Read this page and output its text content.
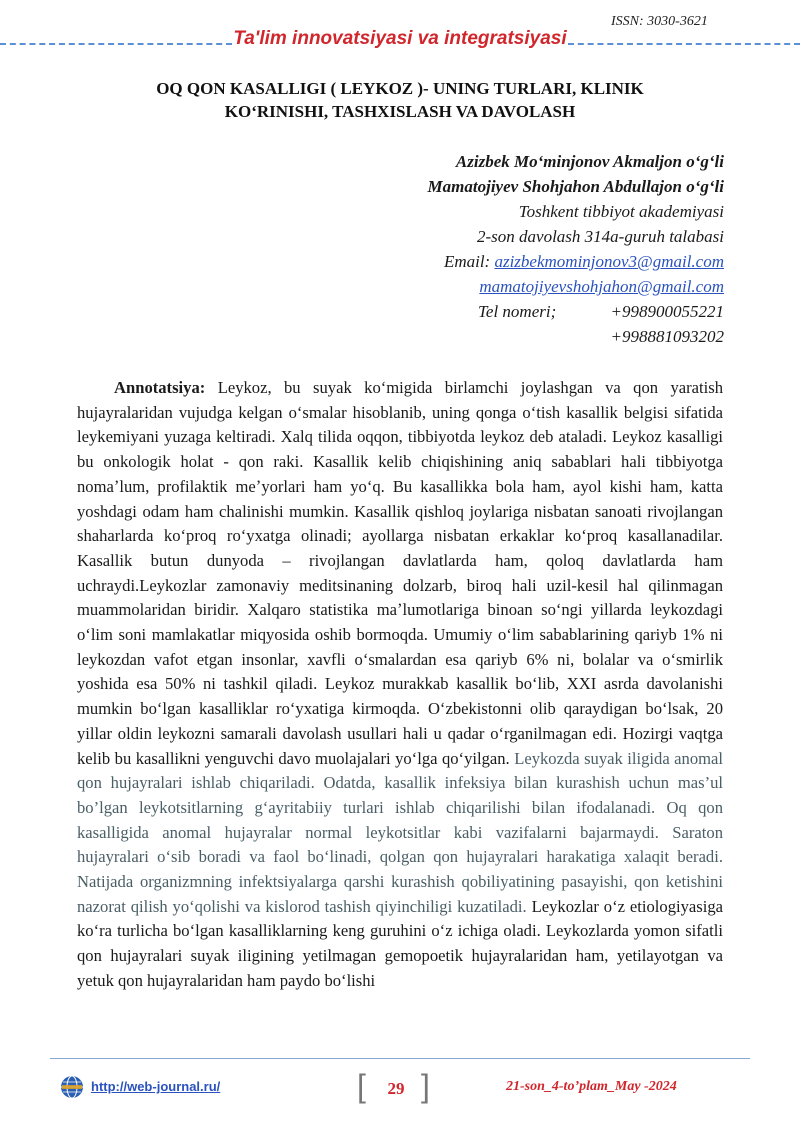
ISSN: 3030-3621
Ta'lim innovatsiyasi va integratsiyasi
OQ QON KASALLIGI ( LEYKOZ )- UNING TURLARI, KLINIK
KOʻRINISHI, TASHXISLASH VA DAVOLASH
Azizbek Moʻminjonov Akmaljon oʻgʻli
Mamatojiyev Shohjahon Abdullajon oʻgʻli
Toshkent tibbiyot akademiyasi
2-son davolash 314a-guruh talabasi
Email: azizbekmominjonov3@gmail.com
mamatojiyevshohjahon@gmail.com
Tel nomeri;	+998900055221
+998881093202

Annotatsiya: Leykoz, bu suyak koʻmigida birlamchi joylashgan va qon yaratish hujayralaridan vujudga kelgan oʻsmalar hisoblanib, uning qonga oʻtish kasallik belgisi sifatida leykemiyani yuzaga keltiradi. Xalq tilida oqqon, tibbiyotda leykoz deb ataladi. Leykoz kasalligi bu onkologik holat - qon raki. Kasallik kelib chiqishining aniq sabablari hali tibbiyotga nomaʼlum, profilaktik meʼyorlari ham yoʻq. Bu kasallikka bola ham, ayol kishi ham, katta yoshdagi odam ham chalinishi mumkin. Kasallik qishloq joylariga nisbatan sanoati rivojlangan shaharlarda koʻproq roʻyxatga olinadi; ayollarga nisbatan erkaklar koʻproq kasallanadilar. Kasallik butun dunyoda – rivojlangan davlatlarda ham, qoloq davlatlarda ham uchraydi.Leykozlar zamonaviy meditsinaning dolzarb, biroq hali uzil-kesil hal qilinmagan muammolaridan biridir. Xalqaro statistika maʼlumotlariga binoan soʻngi yillarda leykozdagi oʻlim soni mamlakatlar miqyosida oshib bormoqda. Umumiy oʻlim sabablarining qariyb 1% ni leykozdan vafot etgan insonlar, xavfli oʻsmalardan esa qariyb 6% ni, bolalar va oʻsmirlik yoshida esa 50% ni tashkil qiladi. Leykoz murakkab kasallik boʻlib, XXI asrda davolanishi mumkin boʻlgan kasalliklar roʻyxatiga kirmoqda. Oʻzbekistonni olib qaraydigan boʻlsak, 20 yillar oldin leykozni samarali davolash usullari hali u qadar oʻrganilmagan edi. Hozirgi vaqtga kelib bu kasallikni yenguvchi davo muolajalari yoʻlga qoʻyilgan. Leykozda suyak iligida anomal qon hujayralari ishlab chiqariladi. Odatda, kasallik infeksiya bilan kurashish uchun mas’ul bo’lgan leykotsitlarning gʻayritabiiy turlari ishlab chiqarilishi bilan ifodalanadi. Oq qon kasalligida anomal hujayralar normal leykotsitlar kabi vazifalarni bajarmaydi. Saraton hujayralari oʻsib boradi va faol boʻlinadi, qolgan qon hujayralari harakatiga xalaqit beradi. Natijada organizmning infektsiyalarga qarshi kurashish qobiliyatining pasayishi, qon ketishini nazorat qilish yoʻqolishi va kislorod tashish qiyinchiligi kuzatiladi. Leykozlar oʻz etiologiyasiga koʻra turlicha boʻlgan kasalliklarning keng guruhini oʻz ichiga oladi. Leykozlarda yomon sifatli qon hujayralari suyak iligining yetilmagan gemopoetik hujayralaridan ham, yetilayotgan va yetuk qon hujayralaridan ham paydo boʻlishi

http://web-journal.ru/	[	29 ]	21-son_4-to’plam_May -2024
